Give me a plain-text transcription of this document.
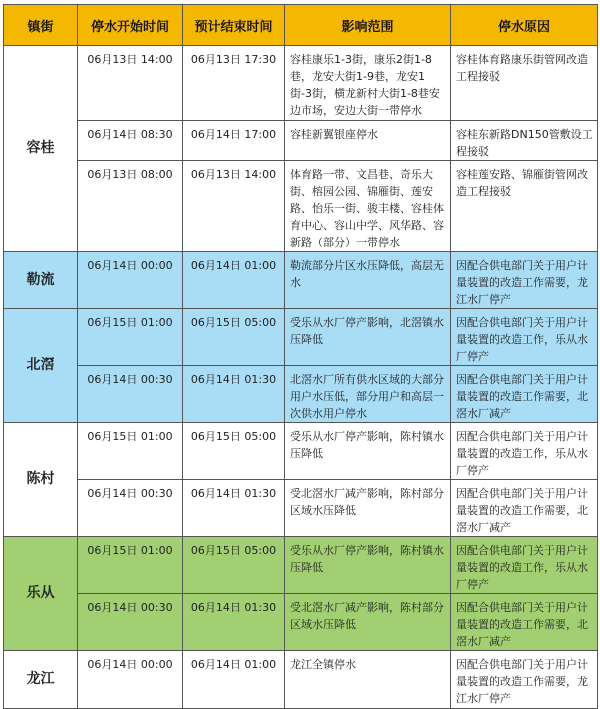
镇街	停水开始时间	预计结束时间	影响范围	停水原因
容桂	06月13日 14:00	06月13日 17:30	容桂康乐1-3街，康乐2街1-8巷，龙安大街1-9巷，龙安1街-3街，横龙新村大街1-8巷安边市场，安边大街一带停水	容桂体育路康乐街管网改造工程接驳
	06月14日 08:30	06月14日 17:00	容桂新翼银座停水	容桂东新路DN150管敷设工程接驳
	06月13日 08:00	06月13日 14:00	体育路一带、文昌巷、奇乐大街、榕园公园、锦雁街、莲安路、怡乐一街、骏丰楼、容桂体育中心、容山中学、风华路、容新路（部分）一带停水	容桂莲安路、锦雁街管网改造工程接驳
勒流	06月14日 00:00	06月14日 01:00	勒流部分片区水压降低，高层无水	因配合供电部门关于用户计量装置的改造工作需要，龙江水厂停产
北滘	06月15日 01:00	06月15日 05:00	受乐从水厂停产影响，北滘镇水压降低	因配合供电部门关于用户计量装置的改造工作，乐从水厂停产
	06月14日 00:30	06月14日 01:30	北滘水厂所有供水区域的大部分用户水压低，部分用户和高层一次供水用户停水	因配合供电部门关于用户计量装置的改造工作需要，北滘水厂减产
陈村	06月15日 01:00	06月15日 05:00	受乐从水厂停产影响，陈村镇水压降低	因配合供电部门关于用户计量装置的改造工作，乐从水厂停产
	06月14日 00:30	06月14日 01:30	受北滘水厂减产影响，陈村部分区域水压降低	因配合供电部门关于用户计量装置的改造工作需要，北滘水厂减产
乐从	06月15日 01:00	06月15日 05:00	受乐从水厂停产影响，陈村镇水压降低	因配合供电部门关于用户计量装置的改造工作，乐从水厂停产
	06月14日 00:30	06月14日 01:30	受北滘水厂减产影响，陈村部分区域水压降低	因配合供电部门关于用户计量装置的改造工作需要，北滘水厂减产
龙江	06月14日 00:00	06月14日 01:00	龙江全镇停水	因配合供电部门关于用户计量装置的改造工作需要，龙江水厂停产
